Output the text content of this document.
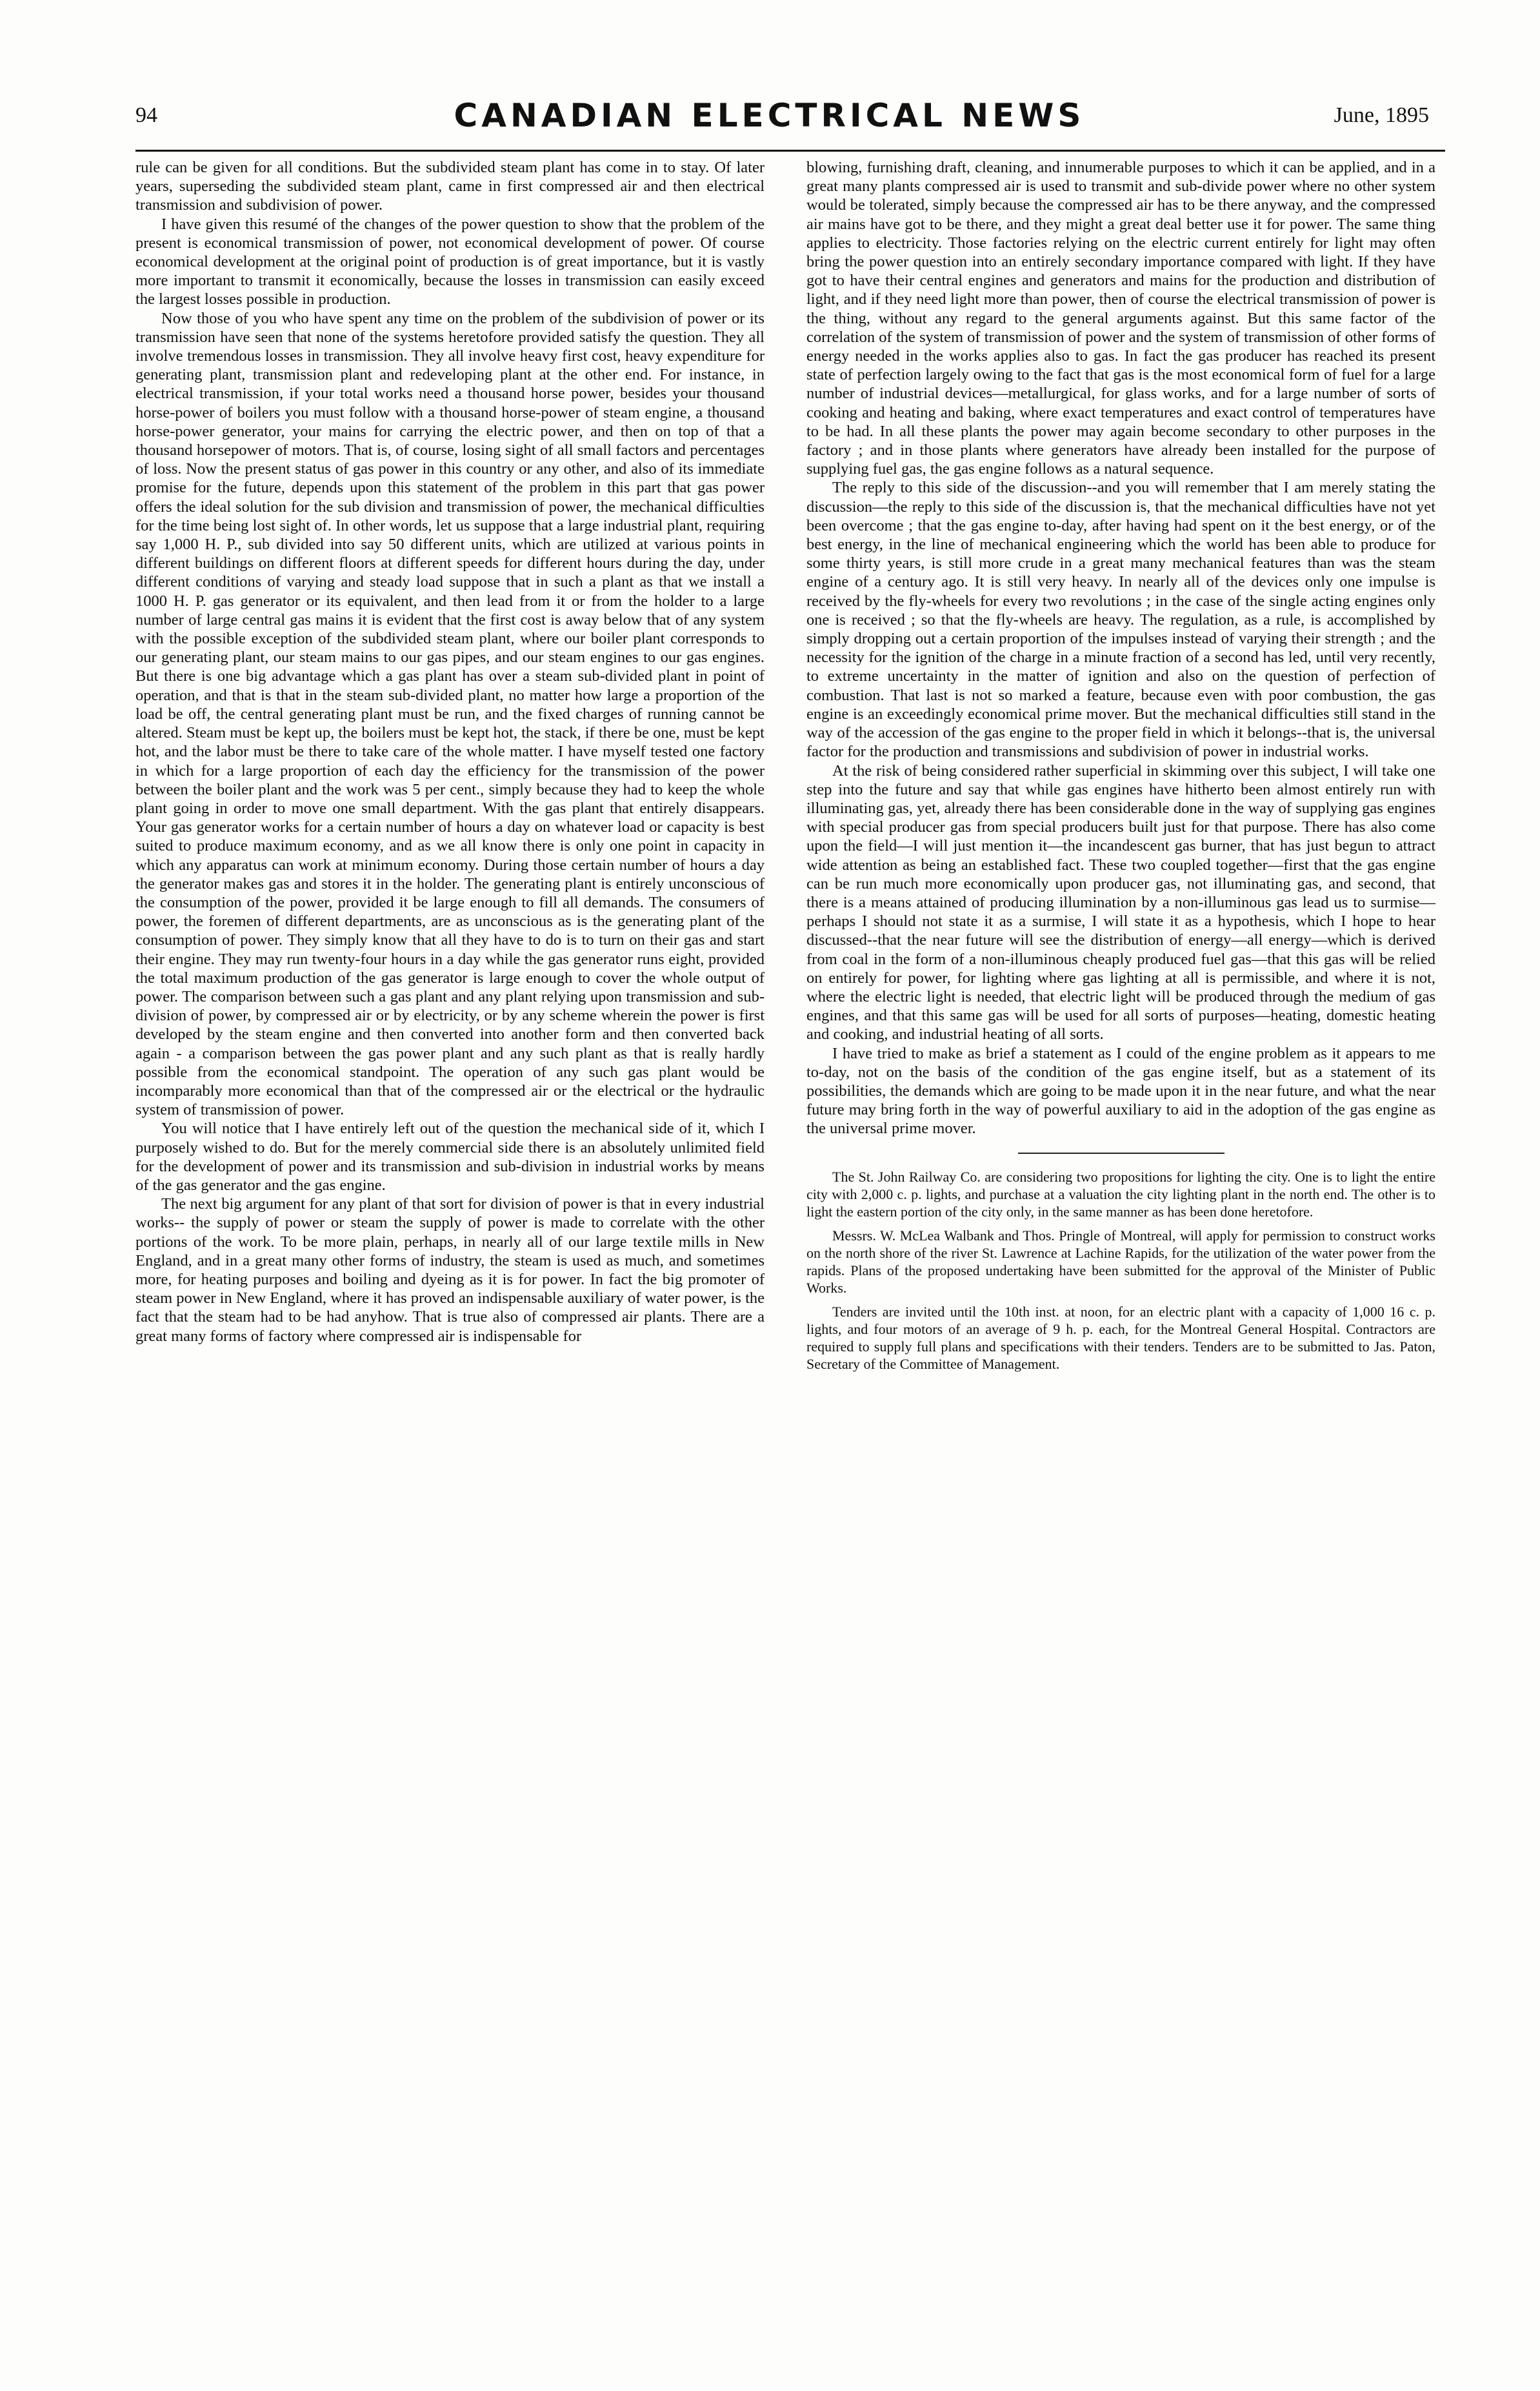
94	CANADIAN ELECTRICAL NEWS	June, 1895

rule can be given for all conditions. But the subdivided steam plant has come in to stay. Of later years, superseding the subdivided steam plant, came in first compressed air and then electrical transmission and subdivision of power.

I have given this resumé of the changes of the power question to show that the problem of the present is economical transmission of power, not economical development of power. Of course economical development at the original point of production is of great importance, but it is vastly more important to transmit it economically, because the losses in transmission can easily exceed the largest losses possible in production.

Now those of you who have spent any time on the problem of the subdivision of power or its transmission have seen that none of the systems heretofore provided satisfy the question. They all involve tremendous losses in transmission. They all involve heavy first cost, heavy expenditure for generating plant, transmission plant and redeveloping plant at the other end. For instance, in electrical transmission, if your total works need a thousand horse power, besides your thousand horse-power of boilers you must follow with a thousand horse-power of steam engine, a thousand horse-power generator, your mains for carrying the electric power, and then on top of that a thousand horsepower of motors. That is, of course, losing sight of all small factors and percentages of loss. Now the present status of gas power in this country or any other, and also of its immediate promise for the future, depends upon this statement of the problem in this part that gas power offers the ideal solution for the sub division and transmission of power, the mechanical difficulties for the time being lost sight of. In other words, let us suppose that a large industrial plant, requiring say 1,000 H. P., sub divided into say 50 different units, which are utilized at various points in different buildings on different floors at different speeds for different hours during the day, under different conditions of varying and steady load suppose that in such a plant as that we install a 1000 H. P. gas generator or its equivalent, and then lead from it or from the holder to a large number of large central gas mains it is evident that the first cost is away below that of any system with the possible exception of the subdivided steam plant, where our boiler plant corresponds to our generating plant, our steam mains to our gas pipes, and our steam engines to our gas engines. But there is one big advantage which a gas plant has over a steam sub-divided plant in point of operation, and that is that in the steam sub-divided plant, no matter how large a proportion of the load be off, the central generating plant must be run, and the fixed charges of running cannot be altered. Steam must be kept up, the boilers must be kept hot, the stack, if there be one, must be kept hot, and the labor must be there to take care of the whole matter. I have myself tested one factory in which for a large proportion of each day the efficiency for the transmission of the power between the boiler plant and the work was 5 per cent., simply because they had to keep the whole plant going in order to move one small department. With the gas plant that entirely disappears. Your gas generator works for a certain number of hours a day on whatever load or capacity is best suited to produce maximum economy, and as we all know there is only one point in capacity in which any apparatus can work at minimum economy. During those certain number of hours a day the generator makes gas and stores it in the holder. The generating plant is entirely unconscious of the consumption of the power, provided it be large enough to fill all demands. The consumers of power, the foremen of different departments, are as unconscious as is the generating plant of the consumption of power. They simply know that all they have to do is to turn on their gas and start their engine. They may run twenty-four hours in a day while the gas generator runs eight, provided the total maximum production of the gas generator is large enough to cover the whole output of power. The comparison between such a gas plant and any plant relying upon transmission and sub-division of power, by compressed air or by electricity, or by any scheme wherein the power is first developed by the steam engine and then converted into another form and then converted back again - a comparison between the gas power plant and any such plant as that is really hardly possible from the economical standpoint. The operation of any such gas plant would be incomparably more economical than that of the compressed air or the electrical or the hydraulic system of transmission of power.

You will notice that I have entirely left out of the question the mechanical side of it, which I purposely wished to do. But for the merely commercial side there is an absolutely unlimited field for the development of power and its transmission and sub-division in industrial works by means of the gas generator and the gas engine.

The next big argument for any plant of that sort for division of power is that in every industrial works-- the supply of power or steam the supply of power is made to correlate with the other portions of the work. To be more plain, perhaps, in nearly all of our large textile mills in New England, and in a great many other forms of industry, the steam is used as much, and sometimes more, for heating purposes and boiling and dyeing as it is for power. In fact the big promoter of steam power in New England, where it has proved an indispensable auxiliary of water power, is the fact that the steam had to be had anyhow. That is true also of compressed air plants. There are a great many forms of factory where compressed air is indispensable for

blowing, furnishing draft, cleaning, and innumerable purposes to which it can be applied, and in a great many plants compressed air is used to transmit and sub-divide power where no other system would be tolerated, simply because the compressed air has to be there anyway, and the compressed air mains have got to be there, and they might a great deal better use it for power. The same thing applies to electricity. Those factories relying on the electric current entirely for light may often bring the power question into an entirely secondary importance compared with light. If they have got to have their central engines and generators and mains for the production and distribution of light, and if they need light more than power, then of course the electrical transmission of power is the thing, without any regard to the general arguments against. But this same factor of the correlation of the system of transmission of power and the system of transmission of other forms of energy needed in the works applies also to gas. In fact the gas producer has reached its present state of perfection largely owing to the fact that gas is the most economical form of fuel for a large number of industrial devices—metallurgical, for glass works, and for a large number of sorts of cooking and heating and baking, where exact temperatures and exact control of temperatures have to be had. In all these plants the power may again become secondary to other purposes in the factory ; and in those plants where generators have already been installed for the purpose of supplying fuel gas, the gas engine follows as a natural sequence.

The reply to this side of the discussion--and you will remember that I am merely stating the discussion—the reply to this side of the discussion is, that the mechanical difficulties have not yet been overcome ; that the gas engine to-day, after having had spent on it the best energy, or of the best energy, in the line of mechanical engineering which the world has been able to produce for some thirty years, is still more crude in a great many mechanical features than was the steam engine of a century ago. It is still very heavy. In nearly all of the devices only one impulse is received by the fly-wheels for every two revolutions ; in the case of the single acting engines only one is received ; so that the fly-wheels are heavy. The regulation, as a rule, is accomplished by simply dropping out a certain proportion of the impulses instead of varying their strength ; and the necessity for the ignition of the charge in a minute fraction of a second has led, until very recently, to extreme uncertainty in the matter of ignition and also on the question of perfection of combustion. That last is not so marked a feature, because even with poor combustion, the gas engine is an exceedingly economical prime mover. But the mechanical difficulties still stand in the way of the accession of the gas engine to the proper field in which it belongs--that is, the universal factor for the production and transmissions and subdivision of power in industrial works.

At the risk of being considered rather superficial in skimming over this subject, I will take one step into the future and say that while gas engines have hitherto been almost entirely run with illuminating gas, yet, already there has been considerable done in the way of supplying gas engines with special producer gas from special producers built just for that purpose. There has also come upon the field—I will just mention it—the incandescent gas burner, that has just begun to attract wide attention as being an established fact. These two coupled together—first that the gas engine can be run much more economically upon producer gas, not illuminating gas, and second, that there is a means attained of producing illumination by a non-illuminous gas lead us to surmise—perhaps I should not state it as a surmise, I will state it as a hypothesis, which I hope to hear discussed--that the near future will see the distribution of energy—all energy—which is derived from coal in the form of a non-illuminous cheaply produced fuel gas—that this gas will be relied on entirely for power, for lighting where gas lighting at all is permissible, and where it is not, where the electric light is needed, that electric light will be produced through the medium of gas engines, and that this same gas will be used for all sorts of purposes—heating, domestic heating and cooking, and industrial heating of all sorts.

I have tried to make as brief a statement as I could of the engine problem as it appears to me to-day, not on the basis of the condition of the gas engine itself, but as a statement of its possibilities, the demands which are going to be made upon it in the near future, and what the near future may bring forth in the way of powerful auxiliary to aid in the adoption of the gas engine as the universal prime mover.

The St. John Railway Co. are considering two propositions for lighting the city. One is to light the entire city with 2,000 c. p. lights, and purchase at a valuation the city lighting plant in the north end. The other is to light the eastern portion of the city only, in the same manner as has been done heretofore.

Messrs. W. McLea Walbank and Thos. Pringle of Montreal, will apply for permission to construct works on the north shore of the river St. Lawrence at Lachine Rapids, for the utilization of the water power from the rapids. Plans of the proposed undertaking have been submitted for the approval of the Minister of Public Works.

Tenders are invited until the 10th inst. at noon, for an electric plant with a capacity of 1,000 16 c. p. lights, and four motors of an average of 9 h. p. each, for the Montreal General Hospital. Contractors are required to supply full plans and specifications with their tenders. Tenders are to be submitted to Jas. Paton, Secretary of the Committee of Management.
